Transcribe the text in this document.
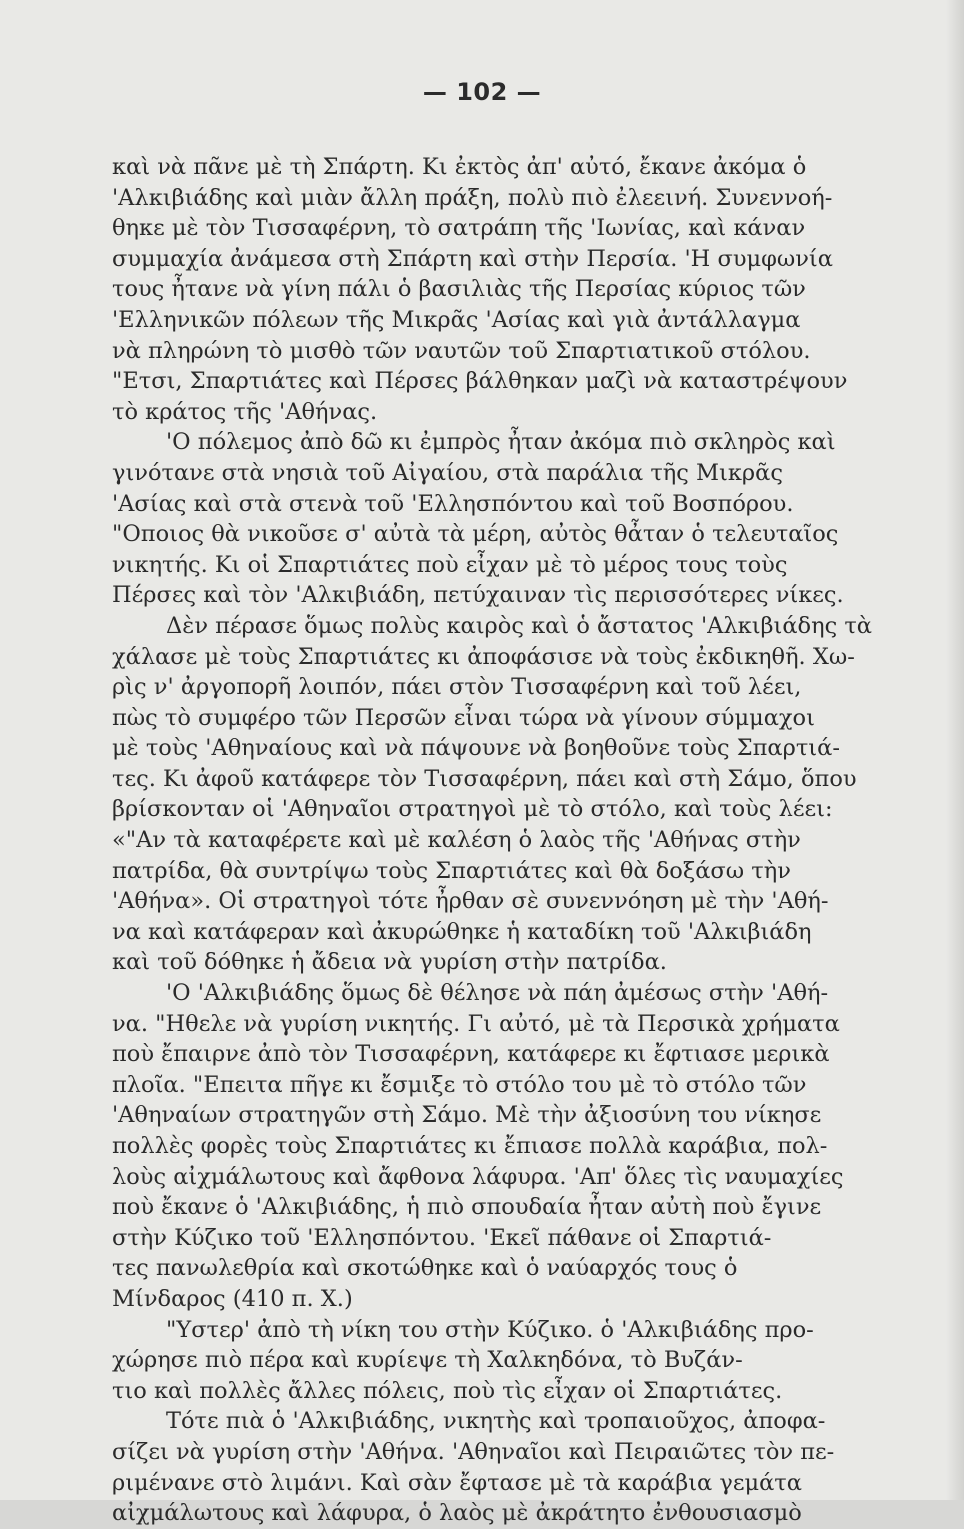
— 102 —
καὶ νὰ πᾶνε μὲ τὴ Σπάρτη. Κι ἐκτὸς ἀπ' αὐτό, ἔκανε ἀκόμα ὁ
'Αλκιβιάδης καὶ μιὰν ἄλλη πράξη, πολὺ πιὸ ἐλεεινή. Συνεννοή-
θηκε μὲ τὸν Τισσαφέρνη, τὸ σατράπη τῆς 'Ιωνίας, καὶ κάναν
συμμαχία ἀνάμεσα στὴ Σπάρτη καὶ στὴν Περσία. 'Η συμφωνία
τους ἦτανε νὰ γίνη πάλι ὁ βασιλιὰς τῆς Περσίας κύριος τῶν
'Ελληνικῶν πόλεων τῆς Μικρᾶς 'Ασίας καὶ γιὰ ἀντάλλαγμα
νὰ πληρώνη τὸ μισθὸ τῶν ναυτῶν τοῦ Σπαρτιατικοῦ στόλου.
"Ετσι, Σπαρτιάτες καὶ Πέρσες βάλθηκαν μαζὶ νὰ καταστρέψουν
τὸ κράτος τῆς 'Αθήνας.
'Ο πόλεμος ἀπὸ δῶ κι ἐμπρὸς ἦταν ἀκόμα πιὸ σκληρὸς καὶ
γινότανε στὰ νησιὰ τοῦ Αἰγαίου, στὰ παράλια τῆς Μικρᾶς
'Ασίας καὶ στὰ στενὰ τοῦ 'Ελλησπόντου καὶ τοῦ Βοσπόρου.
"Οποιος θὰ νικοῦσε σ' αὐτὰ τὰ μέρη, αὐτὸς θἆταν ὁ τελευταῖος
νικητής. Κι οἱ Σπαρτιάτες ποὺ εἶχαν μὲ τὸ μέρος τους τοὺς
Πέρσες καὶ τὸν 'Αλκιβιάδη, πετύχαιναν τὶς περισσότερες νίκες.
Δὲν πέρασε ὅμως πολὺς καιρὸς καὶ ὁ ἄστατος 'Αλκιβιάδης τὰ
χάλασε μὲ τοὺς Σπαρτιάτες κι ἀποφάσισε νὰ τοὺς ἐκδικηθῆ. Χω-
ρὶς ν' ἀργοπορῆ λοιπόν, πάει στὸν Τισσαφέρνη καὶ τοῦ λέει,
πὼς τὸ συμφέρο τῶν Περσῶν εἶναι τώρα νὰ γίνουν σύμμαχοι
μὲ τοὺς 'Αθηναίους καὶ νὰ πάψουνε νὰ βοηθοῦνε τοὺς Σπαρτιά-
τες. Κι ἀφοῦ κατάφερε τὸν Τισσαφέρνη, πάει καὶ στὴ Σάμο, ὅπου
βρίσκονταν οἱ 'Αθηναῖοι στρατηγοὶ μὲ τὸ στόλο, καὶ τοὺς λέει:
«"Αν τὰ καταφέρετε καὶ μὲ καλέση ὁ λαὸς τῆς 'Αθήνας στὴν
πατρίδα, θὰ συντρίψω τοὺς Σπαρτιάτες καὶ θὰ δοξάσω τὴν
'Αθήνα». Οἱ στρατηγοὶ τότε ἦρθαν σὲ συνεννόηση μὲ τὴν 'Αθή-
να καὶ κατάφεραν καὶ ἀκυρώθηκε ἡ καταδίκη τοῦ 'Αλκιβιάδη
καὶ τοῦ δόθηκε ἡ ἄδεια νὰ γυρίση στὴν πατρίδα.
'Ο 'Αλκιβιάδης ὅμως δὲ θέλησε νὰ πάη ἀμέσως στὴν 'Αθή-
να. "Ηθελε νὰ γυρίση νικητής. Γι αὐτό, μὲ τὰ Περσικὰ χρήματα
ποὺ ἔπαιρνε ἀπὸ τὸν Τισσαφέρνη, κατάφερε κι ἔφτιασε μερικὰ
πλοῖα. "Επειτα πῆγε κι ἔσμιξε τὸ στόλο του μὲ τὸ στόλο τῶν
'Αθηναίων στρατηγῶν στὴ Σάμο. Μὲ τὴν ἀξιοσύνη του νίκησε
πολλὲς φορὲς τοὺς Σπαρτιάτες κι ἔπιασε πολλὰ καράβια, πολ-
λοὺς αἰχμάλωτους καὶ ἄφθονα λάφυρα. 'Απ' ὅλες τὶς ναυμαχίες
ποὺ ἔκανε ὁ 'Αλκιβιάδης, ἡ πιὸ σπουδαία ἦταν αὐτὴ ποὺ ἔγινε
στὴν Κύζικο τοῦ 'Ελλησπόντου. 'Εκεῖ πάθανε οἱ Σπαρτιά-
τες πανωλεθρία καὶ σκοτώθηκε καὶ ὁ ναύαρχός τους ὁ
Μίνδαρος (410 π. Χ.)
"Υστερ' ἀπὸ τὴ νίκη του στὴν Κύζικο. ὁ 'Αλκιβιάδης προ-
χώρησε πιὸ πέρα καὶ κυρίεψε τὴ Χαλκηδόνα, τὸ Βυζάν-
τιο καὶ πολλὲς ἄλλες πόλεις, ποὺ τὶς εἶχαν οἱ Σπαρτιάτες.
Τότε πιὰ ὁ 'Αλκιβιάδης, νικητὴς καὶ τροπαιοῦχος, ἀποφα-
σίζει νὰ γυρίση στὴν 'Αθήνα. 'Αθηναῖοι καὶ Πειραιῶτες τὸν πε-
ριμένανε στὸ λιμάνι. Καὶ σὰν ἔφτασε μὲ τὰ καράβια γεμάτα
αἰχμάλωτους καὶ λάφυρα, ὁ λαὸς μὲ ἀκράτητο ἐνθουσιασμὸ
